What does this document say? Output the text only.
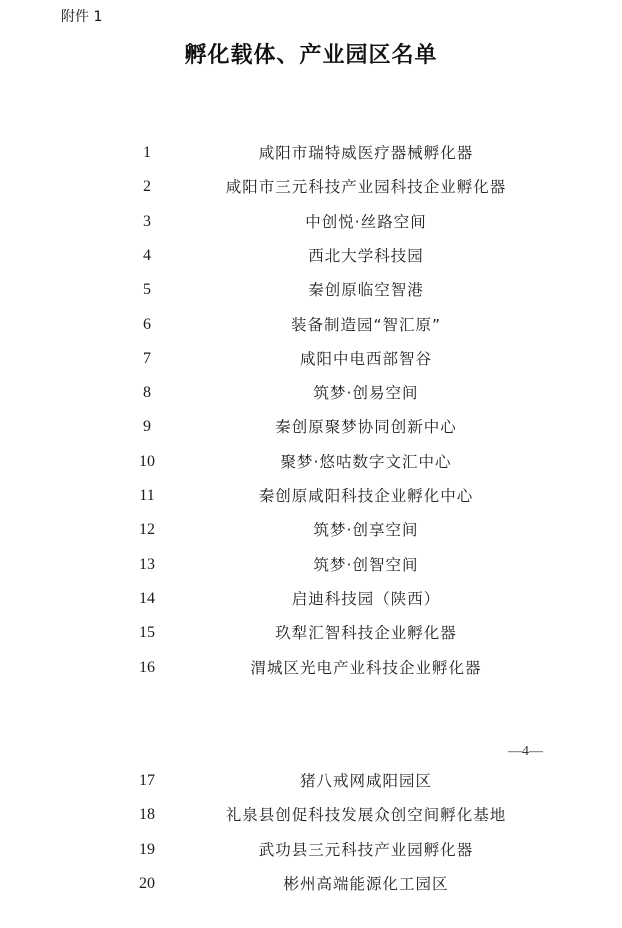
附件 1
孵化载体、产业园区名单
1	咸阳市瑞特威医疗器械孵化器
2	咸阳市三元科技产业园科技企业孵化器
3	中创悦·丝路空间
4	西北大学科技园
5	秦创原临空智港
6	装备制造园“智汇原”
7	咸阳中电西部智谷
8	筑梦·创易空间
9	秦创原聚梦协同创新中心
10	聚梦·悠咕数字文汇中心
11	秦创原咸阳科技企业孵化中心
12	筑梦·创享空间
13	筑梦·创智空间
14	启迪科技园（陕西）
15	玖犁汇智科技企业孵化器
16	渭城区光电产业科技企业孵化器
17	猪八戒网咸阳园区
18	礼泉县创促科技发展众创空间孵化基地
19	武功县三元科技产业园孵化器
20	彬州高端能源化工园区
—4—
